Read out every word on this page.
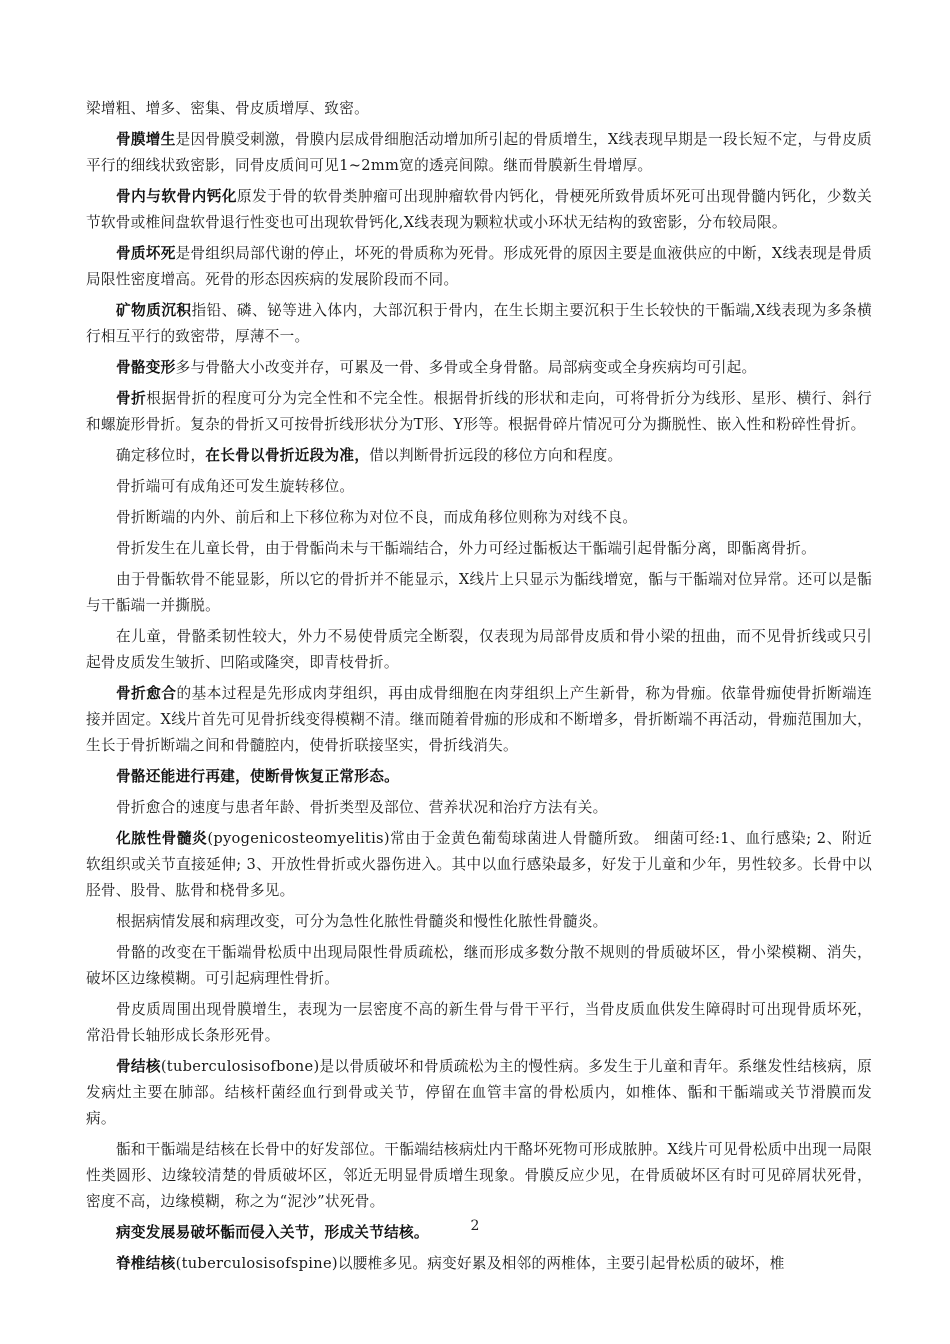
梁增粗、增多、密集、骨皮质增厚、致密。

骨膜增生是因骨膜受刺激，骨膜内层成骨细胞活动增加所引起的骨质增生，X线表现早期是一段长短不定，与骨皮质平行的细线状致密影，同骨皮质间可见1~2mm宽的透亮间隙。继而骨膜新生骨增厚。

骨内与软骨内钙化原发于骨的软骨类肿瘤可出现肿瘤软骨内钙化，骨梗死所致骨质坏死可出现骨髓内钙化，少数关节软骨或椎间盘软骨退行性变也可出现软骨钙化,X线表现为颗粒状或小环状无结构的致密影，分布较局限。

骨质坏死是骨组织局部代谢的停止，坏死的骨质称为死骨。形成死骨的原因主要是血液供应的中断，X线表现是骨质局限性密度增高。死骨的形态因疾病的发展阶段而不同。

矿物质沉积指铅、磷、铋等进入体内，大部沉积于骨内，在生长期主要沉积于生长较快的干骺端,X线表现为多条横行相互平行的致密带，厚薄不一。

骨骼变形多与骨骼大小改变并存，可累及一骨、多骨或全身骨骼。局部病变或全身疾病均可引起。

骨折根据骨折的程度可分为完全性和不完全性。根据骨折线的形状和走向，可将骨折分为线形、星形、横行、斜行和螺旋形骨折。复杂的骨折又可按骨折线形状分为T形、Y形等。根据骨碎片情况可分为撕脱性、嵌入性和粉碎性骨折。

确定移位时，在长骨以骨折近段为准，借以判断骨折远段的移位方向和程度。

骨折端可有成角还可发生旋转移位。

骨折断端的内外、前后和上下移位称为对位不良，而成角移位则称为对线不良。

骨折发生在儿童长骨，由于骨骺尚未与干骺端结合，外力可经过骺板达干骺端引起骨骺分离，即骺离骨折。

由于骨骺软骨不能显影，所以它的骨折并不能显示，X线片上只显示为骺线增宽，骺与干骺端对位异常。还可以是骺与干骺端一并撕脱。

在儿童，骨骼柔韧性较大，外力不易使骨质完全断裂，仅表现为局部骨皮质和骨小梁的扭曲，而不见骨折线或只引起骨皮质发生皱折、凹陷或隆突，即青枝骨折。

骨折愈合的基本过程是先形成肉芽组织，再由成骨细胞在肉芽组织上产生新骨，称为骨痂。依靠骨痂使骨折断端连接并固定。X线片首先可见骨折线变得模糊不清。继而随着骨痂的形成和不断增多，骨折断端不再活动，骨痂范围加大，生长于骨折断端之间和骨髓腔内，使骨折联接坚实，骨折线消失。

骨骼还能进行再建，使断骨恢复正常形态。

骨折愈合的速度与患者年龄、骨折类型及部位、营养状况和治疗方法有关。

化脓性骨髓炎(pyogenicosteomyelitis)常由于金黄色葡萄球菌进人骨髓所致。 细菌可经:1、血行感染; 2、附近软组织或关节直接延伸; 3、开放性骨折或火器伤进入。其中以血行感染最多，好发于儿童和少年，男性较多。长骨中以胫骨、股骨、肱骨和桡骨多见。

根据病情发展和病理改变，可分为急性化脓性骨髓炎和慢性化脓性骨髓炎。

骨骼的改变在干骺端骨松质中出现局限性骨质疏松，继而形成多数分散不规则的骨质破坏区，骨小梁模糊、消失，破坏区边缘模糊。可引起病理性骨折。

骨皮质周围出现骨膜增生，表现为一层密度不高的新生骨与骨干平行，当骨皮质血供发生障碍时可出现骨质坏死，常沿骨长轴形成长条形死骨。

骨结核(tuberculosisofbone)是以骨质破坏和骨质疏松为主的慢性病。多发生于儿童和青年。系继发性结核病，原发病灶主要在肺部。结核杆菌经血行到骨或关节，停留在血管丰富的骨松质内，如椎体、骺和干骺端或关节滑膜而发病。

骺和干骺端是结核在长骨中的好发部位。干骺端结核病灶内干酪坏死物可形成脓肿。X线片可见骨松质中出现一局限性类圆形、边缘较清楚的骨质破坏区，邻近无明显骨质增生现象。骨膜反应少见，在骨质破坏区有时可见碎屑状死骨，密度不高，边缘模糊，称之为“泥沙”状死骨。

病变发展易破坏骺而侵入关节，形成关节结核。

脊椎结核(tuberculosisofspine)以腰椎多见。病变好累及相邻的两椎体，主要引起骨松质的破坏，椎

2
